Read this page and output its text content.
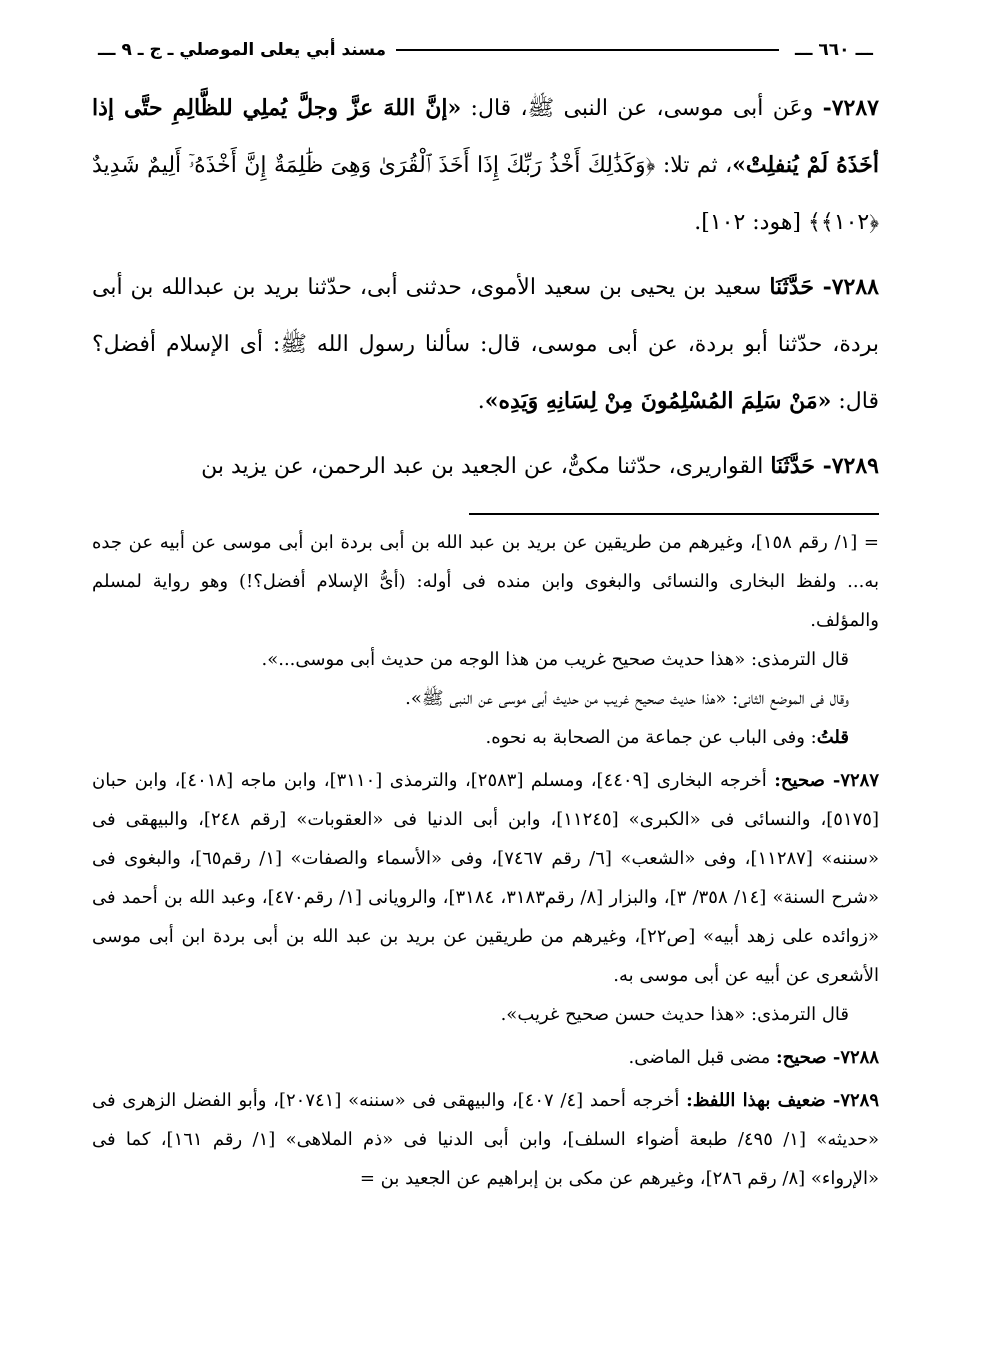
ـــ
٦٦٠
ـــ
مسند أبي يعلى الموصلي ـ ج ـ ٩
ـــ

٧٢٨٧- وعَن أبى موسى، عن النبى ﷺ، قال: «إنَّ اللهَ عزَّ وجلَّ يُملِي للظَّالِمِ حتَّى إذا أخَذَهُ لَمْ يُنفلِتْ»، ثم تلا: ﴿وَكَذَٰلِكَ أَخْذُ رَبِّكَ إِذَا أَخَذَ ٱلْقُرَىٰ وَهِىَ ظَٰلِمَةٌ إِنَّ أَخْذَهُۥٓ أَلِيمٌ شَدِيدٌ ﴿١٠٢﴾﴾ [هود: ١٠٢].

٧٢٨٨- حَدَّثَنَا سعيد بن يحيى بن سعيد الأموى، حدثنى أبى، حدّثنا بريد بن عبدالله بن أبى بردة، حدّثنا أبو بردة، عن أبى موسى، قال: سألنا رسول الله ﷺ: أى الإسلام أفضل؟ قال: «مَنْ سَلِمَ المُسْلِمُونَ مِنْ لِسَانِهِ وَيَدِه».

٧٢٨٩- حَدَّثَنَا القواريرى، حدّثنا مكىٌّ، عن الجعيد بن عبد الرحمن، عن يزيد بن

= [١/ رقم ١٥٨]، وغيرهم من طريقين عن بريد بن عبد الله بن أبى بردة ابن أبى موسى عن أبيه عن جده به... ولفظ البخارى والنسائى والبغوى وابن منده فى أوله: (أىُّ الإسلام أفضل؟!) وهو رواية لمسلم والمؤلف.

قال الترمذى: «هذا حديث صحيح غريب من هذا الوجه من حديث أبى موسى...».

وقال فى الموضع الثانى: «هذا حديث صحيح غريب من حديث أبى موسى عن النبى ﷺ».

قلتُ: وفى الباب عن جماعة من الصحابة به نحوه.

٧٢٨٧- صحيح: أخرجه البخارى [٤٤٠٩]، ومسلم [٢٥٨٣]، والترمذى [٣١١٠]، وابن ماجه [٤٠١٨]، وابن حبان [٥١٧٥]، والنسائى فى «الكبرى» [١١٢٤٥]، وابن أبى الدنيا فى «العقوبات» [رقم ٢٤٨]، والبيهقى فى «سننه» [١١٢٨٧]، وفى «الشعب» [٦/ رقم ٧٤٦٧]، وفى «الأسماء والصفات» [١/ رقم٦٥]، والبغوى فى «شرح السنة» [١٤/ ٣٥٨/ ٣]، والبزار [٨/ رقم٣١٨٣، ٣١٨٤]، والرويانى [١/ رقم٤٧٠]، وعبد الله بن أحمد فى «زوائده على زهد أبيه» [ص٢٢]، وغيرهم من طريقين عن بريد بن عبد الله بن أبى بردة ابن أبى موسى الأشعرى عن أبيه عن أبى موسى به.

قال الترمذى: «هذا حديث حسن صحيح غريب».

٧٢٨٨- صحيح: مضى قبل الماضى.

٧٢٨٩- ضعيف بهذا اللفظ: أخرجه أحمد [٤/ ٤٠٧]، والبيهقى فى «سننه» [٢٠٧٤١]، وأبو الفضل الزهرى فى «حديثه» [١/ ٤٩٥/ طبعة أضواء السلف]، وابن أبى الدنيا فى «ذم الملاهى» [١/ رقم ١٦١]، كما فى «الإرواء» [٨/ رقم ٢٨٦]، وغيرهم عن مكى بن إبراهيم عن الجعيد بن =
